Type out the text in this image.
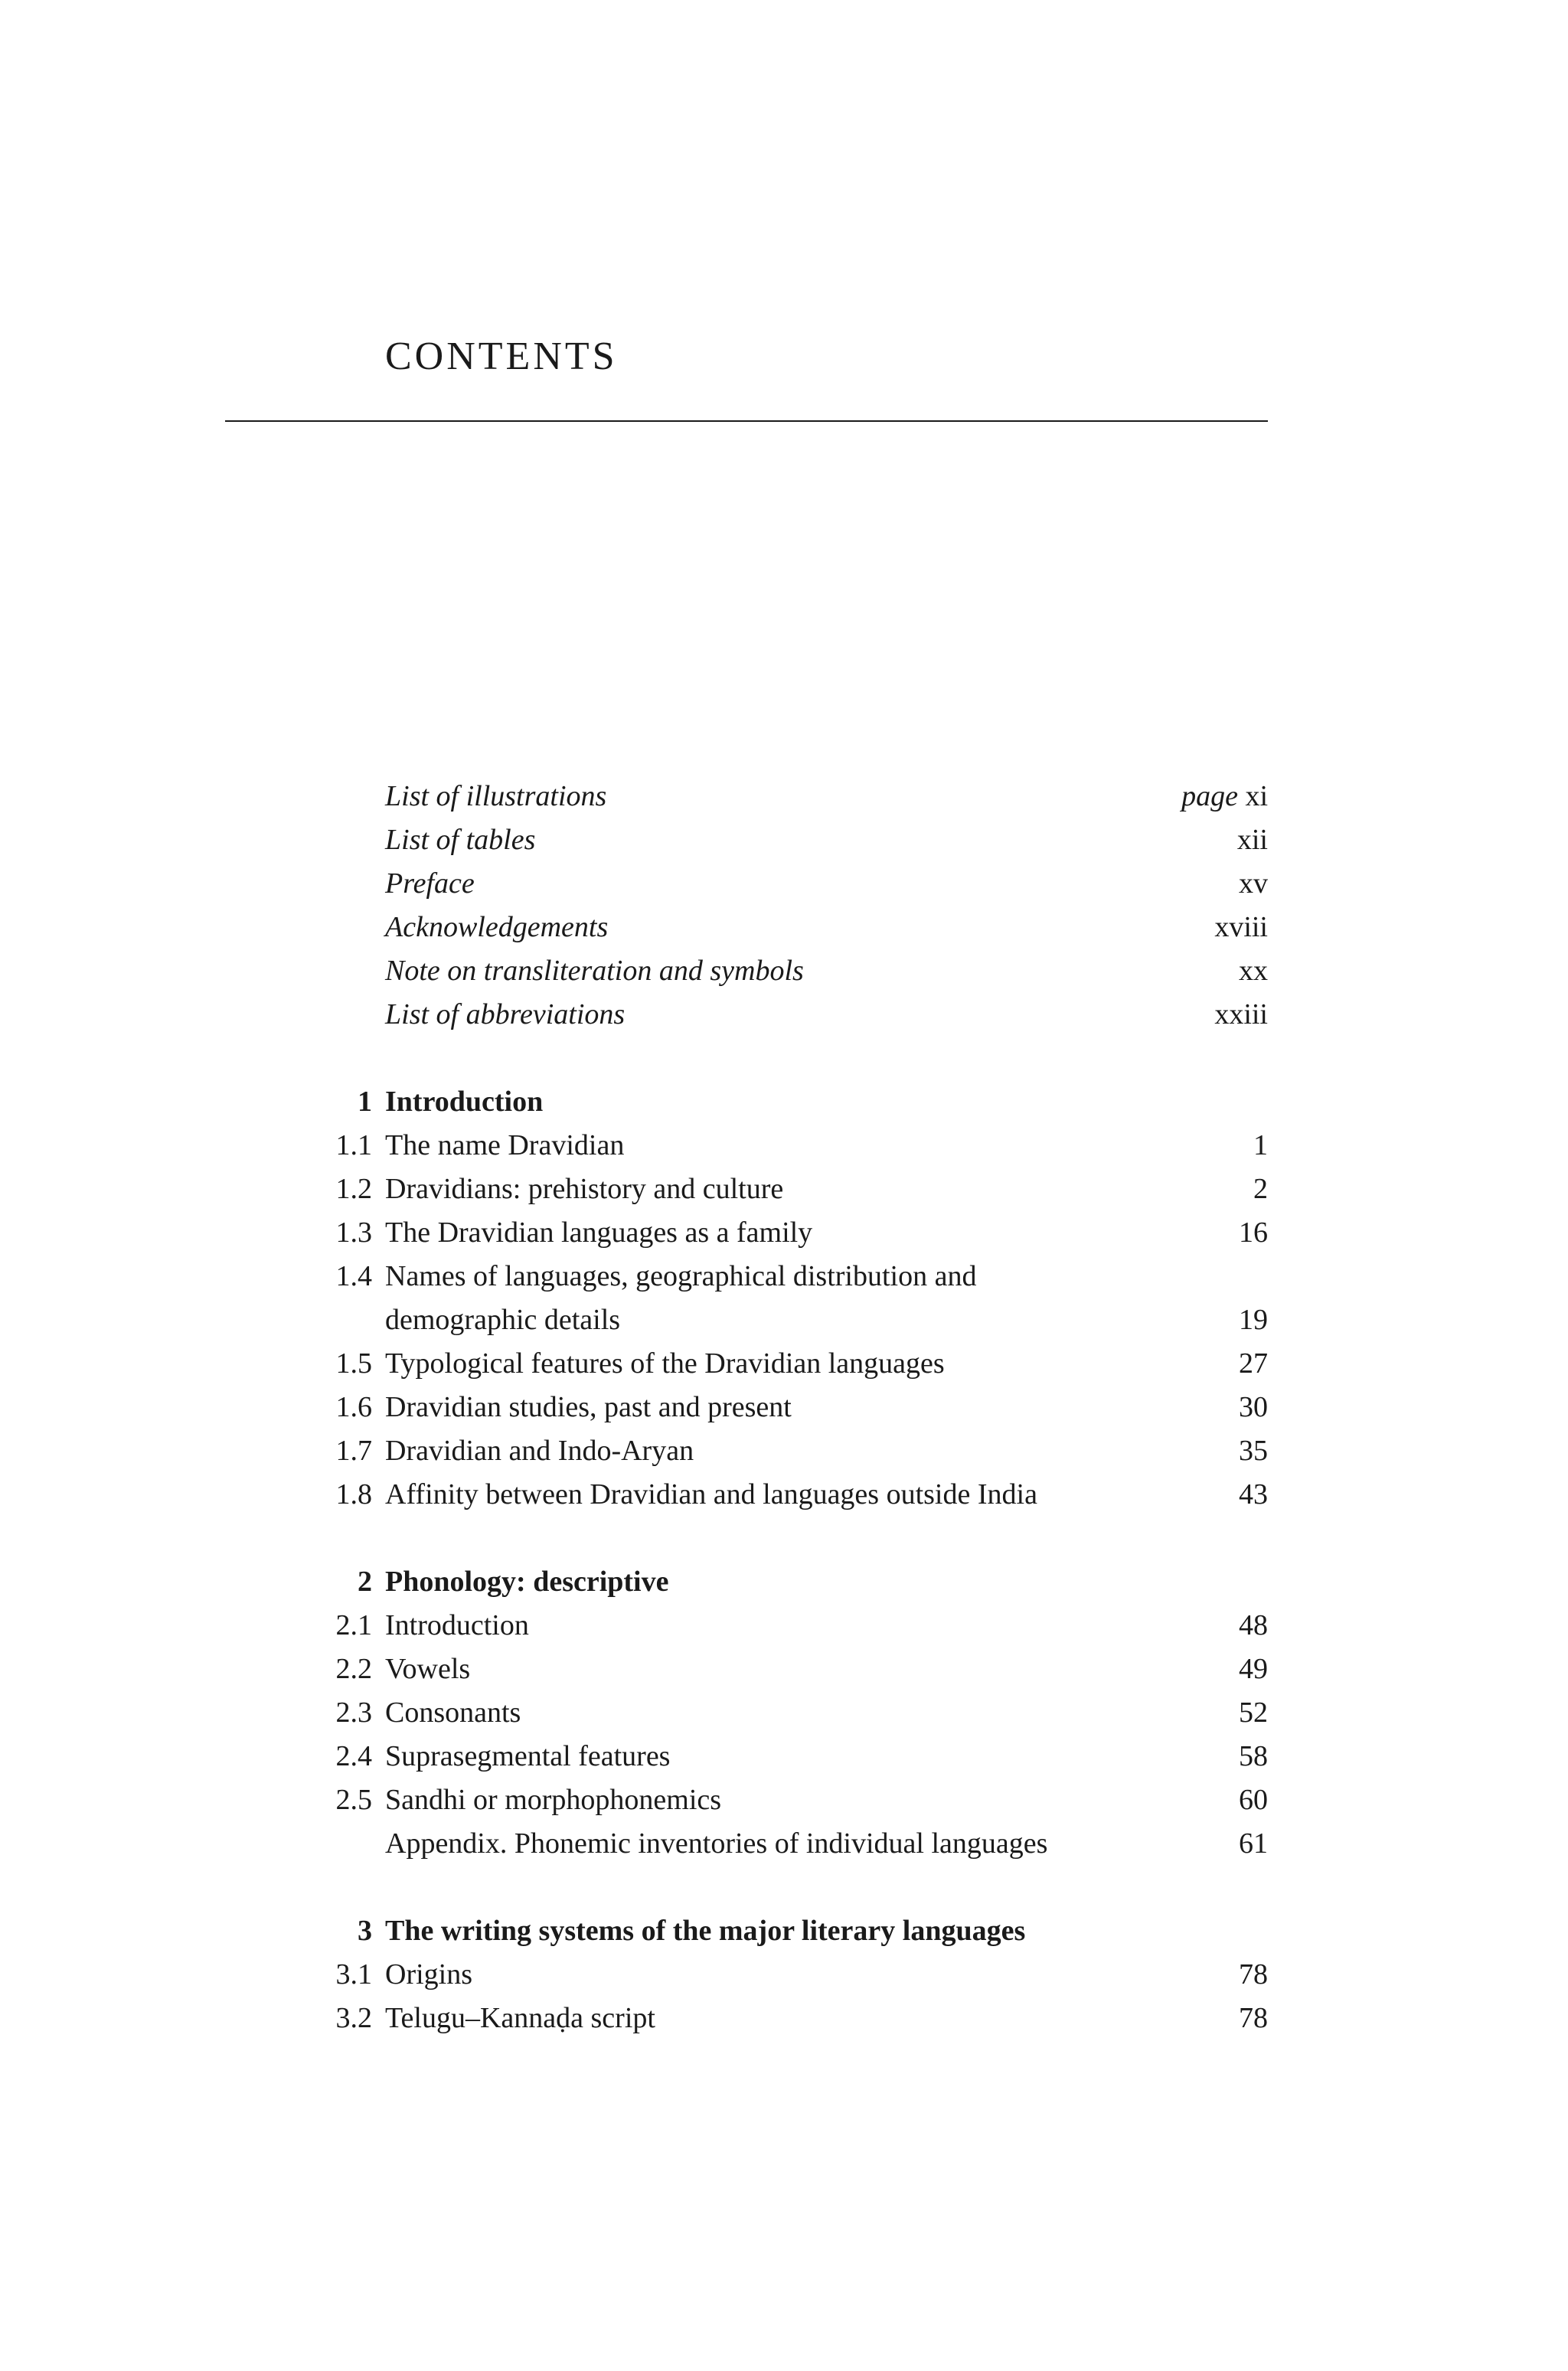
CONTENTS
List of illustrations	page xi
List of tables	xii
Preface	xv
Acknowledgements	xviii
Note on transliteration and symbols	xx
List of abbreviations	xxiii
1 Introduction
1.1 The name Dravidian	1
1.2 Dravidians: prehistory and culture	2
1.3 The Dravidian languages as a family	16
1.4 Names of languages, geographical distribution and
demographic details	19
1.5 Typological features of the Dravidian languages	27
1.6 Dravidian studies, past and present	30
1.7 Dravidian and Indo-Aryan	35
1.8 Affinity between Dravidian and languages outside India	43
2 Phonology: descriptive
2.1 Introduction	48
2.2 Vowels	49
2.3 Consonants	52
2.4 Suprasegmental features	58
2.5 Sandhi or morphophonemics	60
Appendix. Phonemic inventories of individual languages	61
3 The writing systems of the major literary languages
3.1 Origins	78
3.2 Telugu–Kannaḍa script	78
